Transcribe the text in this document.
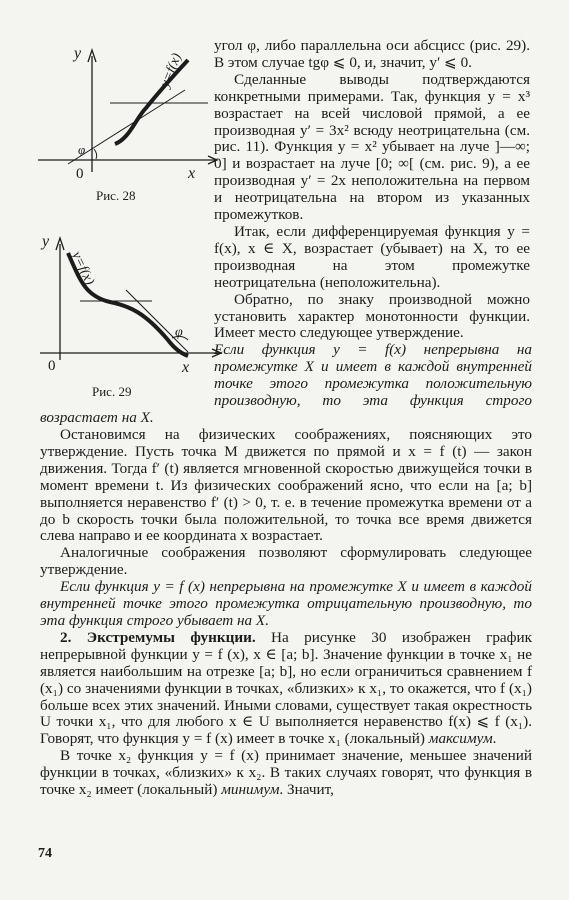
y
x
0
φ
y=f(x)
Рис. 28
y
x
0
φ
y=f(x)
Рис. 29

угол φ, либо параллельна оси абсцисс (рис. 29). В этом случае tgφ ⩽ 0, и, значит, y′ ⩽ 0.

Сделанные выводы подтверждаются конкретными примерами. Так, функция y = x³ возрастает на всей числовой прямой, а ее производная y′ = 3x² всюду неотрицательна (см. рис. 11). Функция y = x² убывает на луче ]—∞; 0] и возрастает на луче [0; ∞[ (см. рис. 9), а ее производная y′ = 2x неположительна на первом и неотрицательна на втором из указанных промежутков.

Итак, если дифференцируемая функция y = f(x), x ∈ X, возрастает (убывает) на X, то ее производная на этом промежутке неотрицательна (неположительна).

Обратно, по знаку производной можно установить характер монотонности функции. Имеет место следующее утверждение.

Если функция y = f(x) непрерывна на промежутке X и имеет в каждой внутренней точке этого промежутка положительную производную, то эта функция строго возрастает на X.

Остановимся на физических соображениях, поясняющих это утверждение. Пусть точка M движется по прямой и x = f (t) — закон движения. Тогда f′ (t) является мгновенной скоростью движущейся точки в момент времени t. Из физических соображений ясно, что если на [a; b] выполняется неравенство f′ (t) > 0, т. е. в течение промежутка времени от a до b скорость точки была положительной, то точка все время движется слева направо и ее координата x возрастает.

Аналогичные соображения позволяют сформулировать следующее утверждение.

Если функция y = f (x) непрерывна на промежутке X и имеет в каждой внутренней точке этого промежутка отрицательную производную, то эта функция строго убывает на X.

2. Экстремумы функции. На рисунке 30 изображен график непрерывной функции y = f (x), x ∈ [a; b]. Значение функции в точке x₁ не является наибольшим на отрезке [a; b], но если ограничиться сравнением f (x₁) со значениями функции в точках, «близких» к x₁, то окажется, что f (x₁) больше всех этих значений. Иными словами, существует такая окрестность U точки x₁, что для любого x ∈ U выполняется неравенство f(x) ⩽ f (x₁). Говорят, что функция y = f (x) имеет в точке x₁ (локальный) максимум.

В точке x₂ функция y = f (x) принимает значение, меньшее значений функции в точках, «близких» к x₂. В таких случаях говорят, что функция в точке x₂ имеет (локальный) минимум. Значит,

74
